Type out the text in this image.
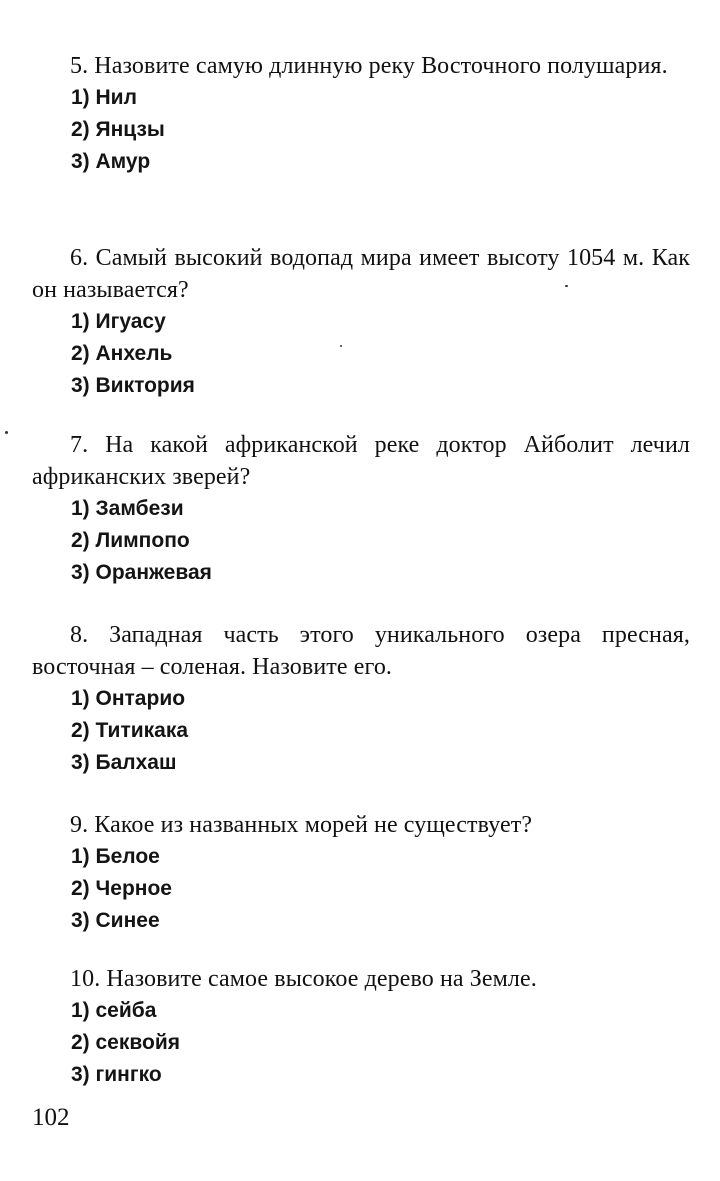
5. Назовите самую длинную реку Восточного полушария.

1) Нил
2) Янцзы
3) Амур

6. Самый высокий водопад мира имеет высоту 1054 м. Как он называется?

1) Игуасу
2) Анхель
3) Виктория

7. На какой африканской реке доктор Айболит лечил африканских зверей?

1) Замбези
2) Лимпопо
3) Оранжевая

8. Западная часть этого уникального озера пресная, восточная – соленая. Назовите его.

1) Онтарио
2) Титикака
3) Балхаш

9. Какое из названных морей не существует?

1) Белое
2) Черное
3) Синее

10. Назовите самое высокое дерево на Земле.

1) сейба
2) секвойя
3) гингко
102
